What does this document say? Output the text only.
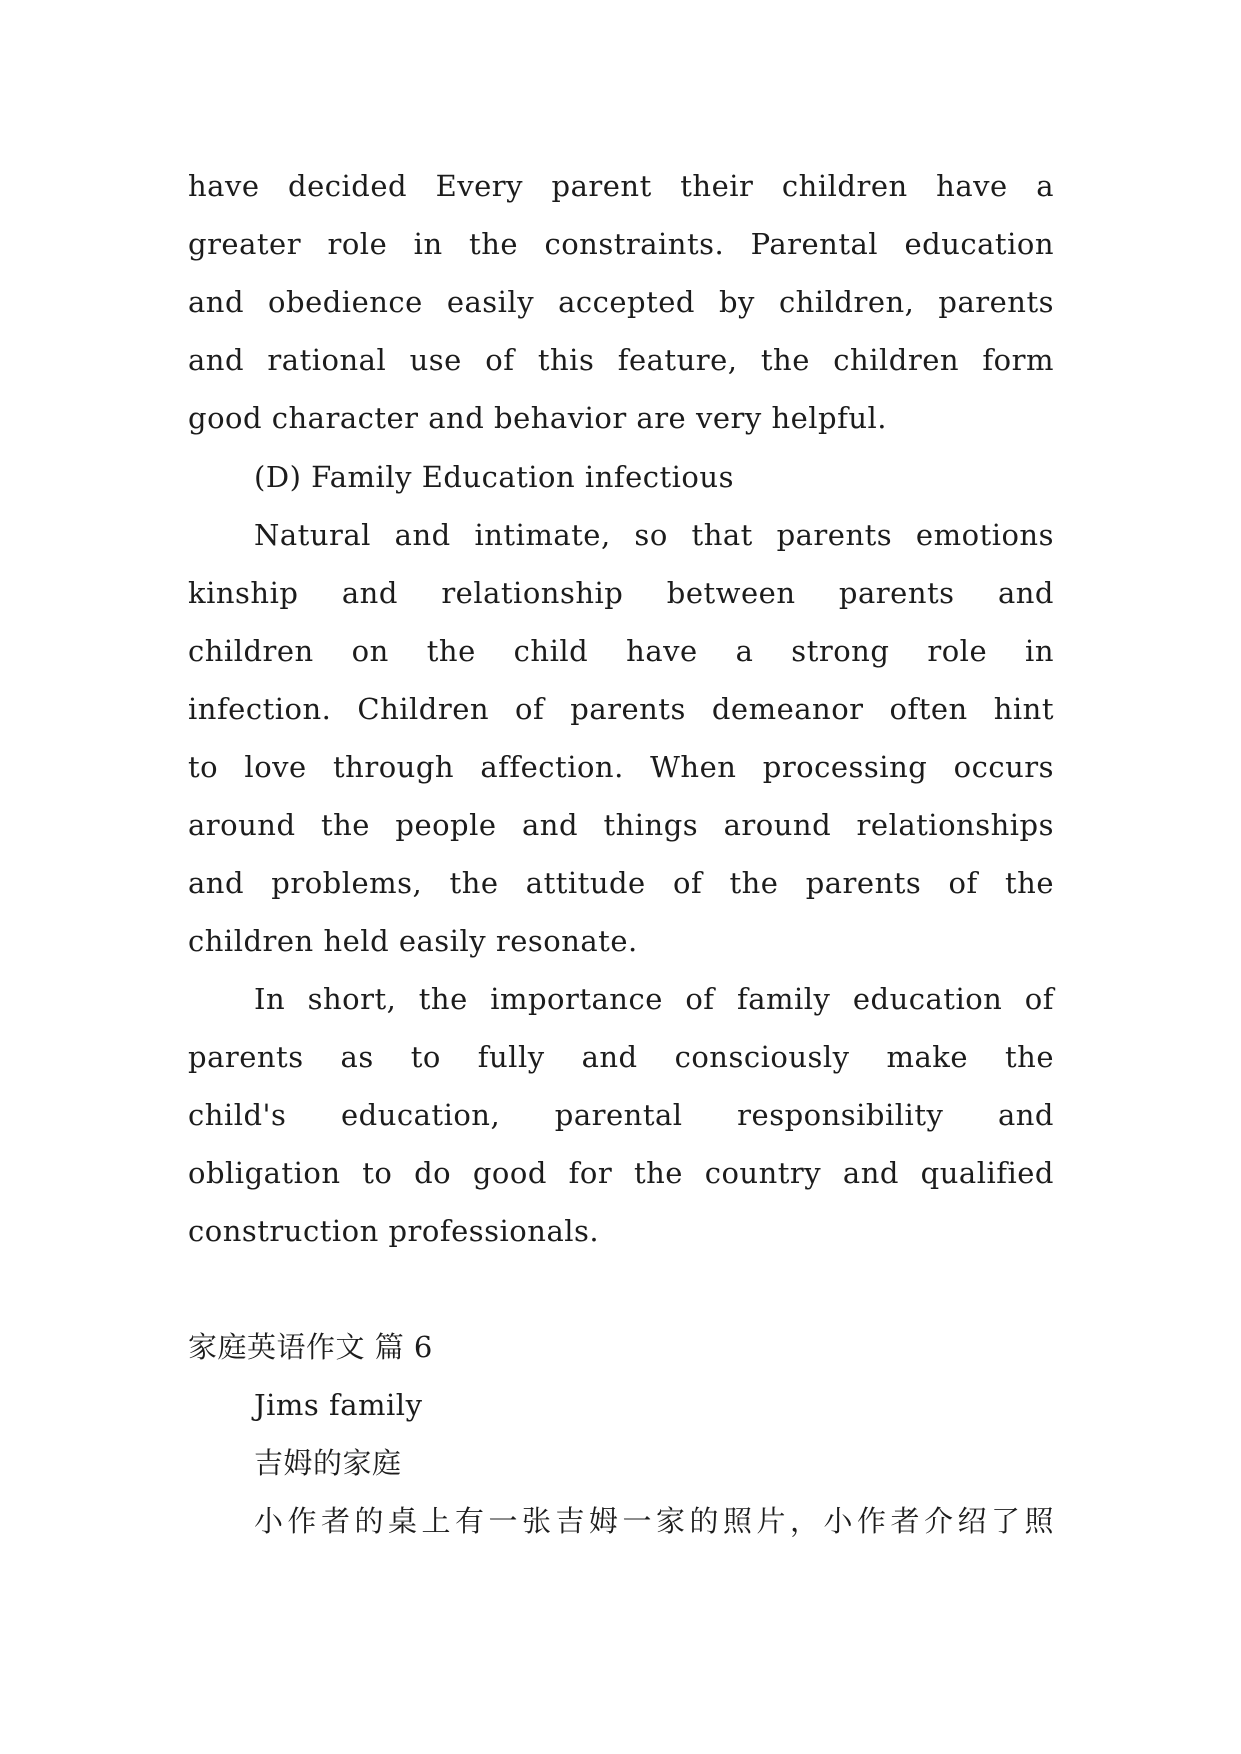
have decided Every parent their children have a
greater role in the constraints. Parental education
and obedience easily accepted by children, parents
and rational use of this feature, the children form
good character and behavior are very helpful.
(D) Family Education infectious
Natural and intimate, so that parents emotions
kinship and relationship between parents and
children on the child have a strong role in
infection. Children of parents demeanor often hint
to love through affection. When processing occurs
around the people and things around relationships
and problems, the attitude of the parents of the
children held easily resonate.
In short, the importance of family education of
parents as to fully and consciously make the
child's education, parental responsibility and
obligation to do good for the country and qualified
construction professionals.
家庭英语作文 篇 6
Jims family
吉姆的家庭
小作者的桌上有一张吉姆一家的照片，小作者介绍了照
